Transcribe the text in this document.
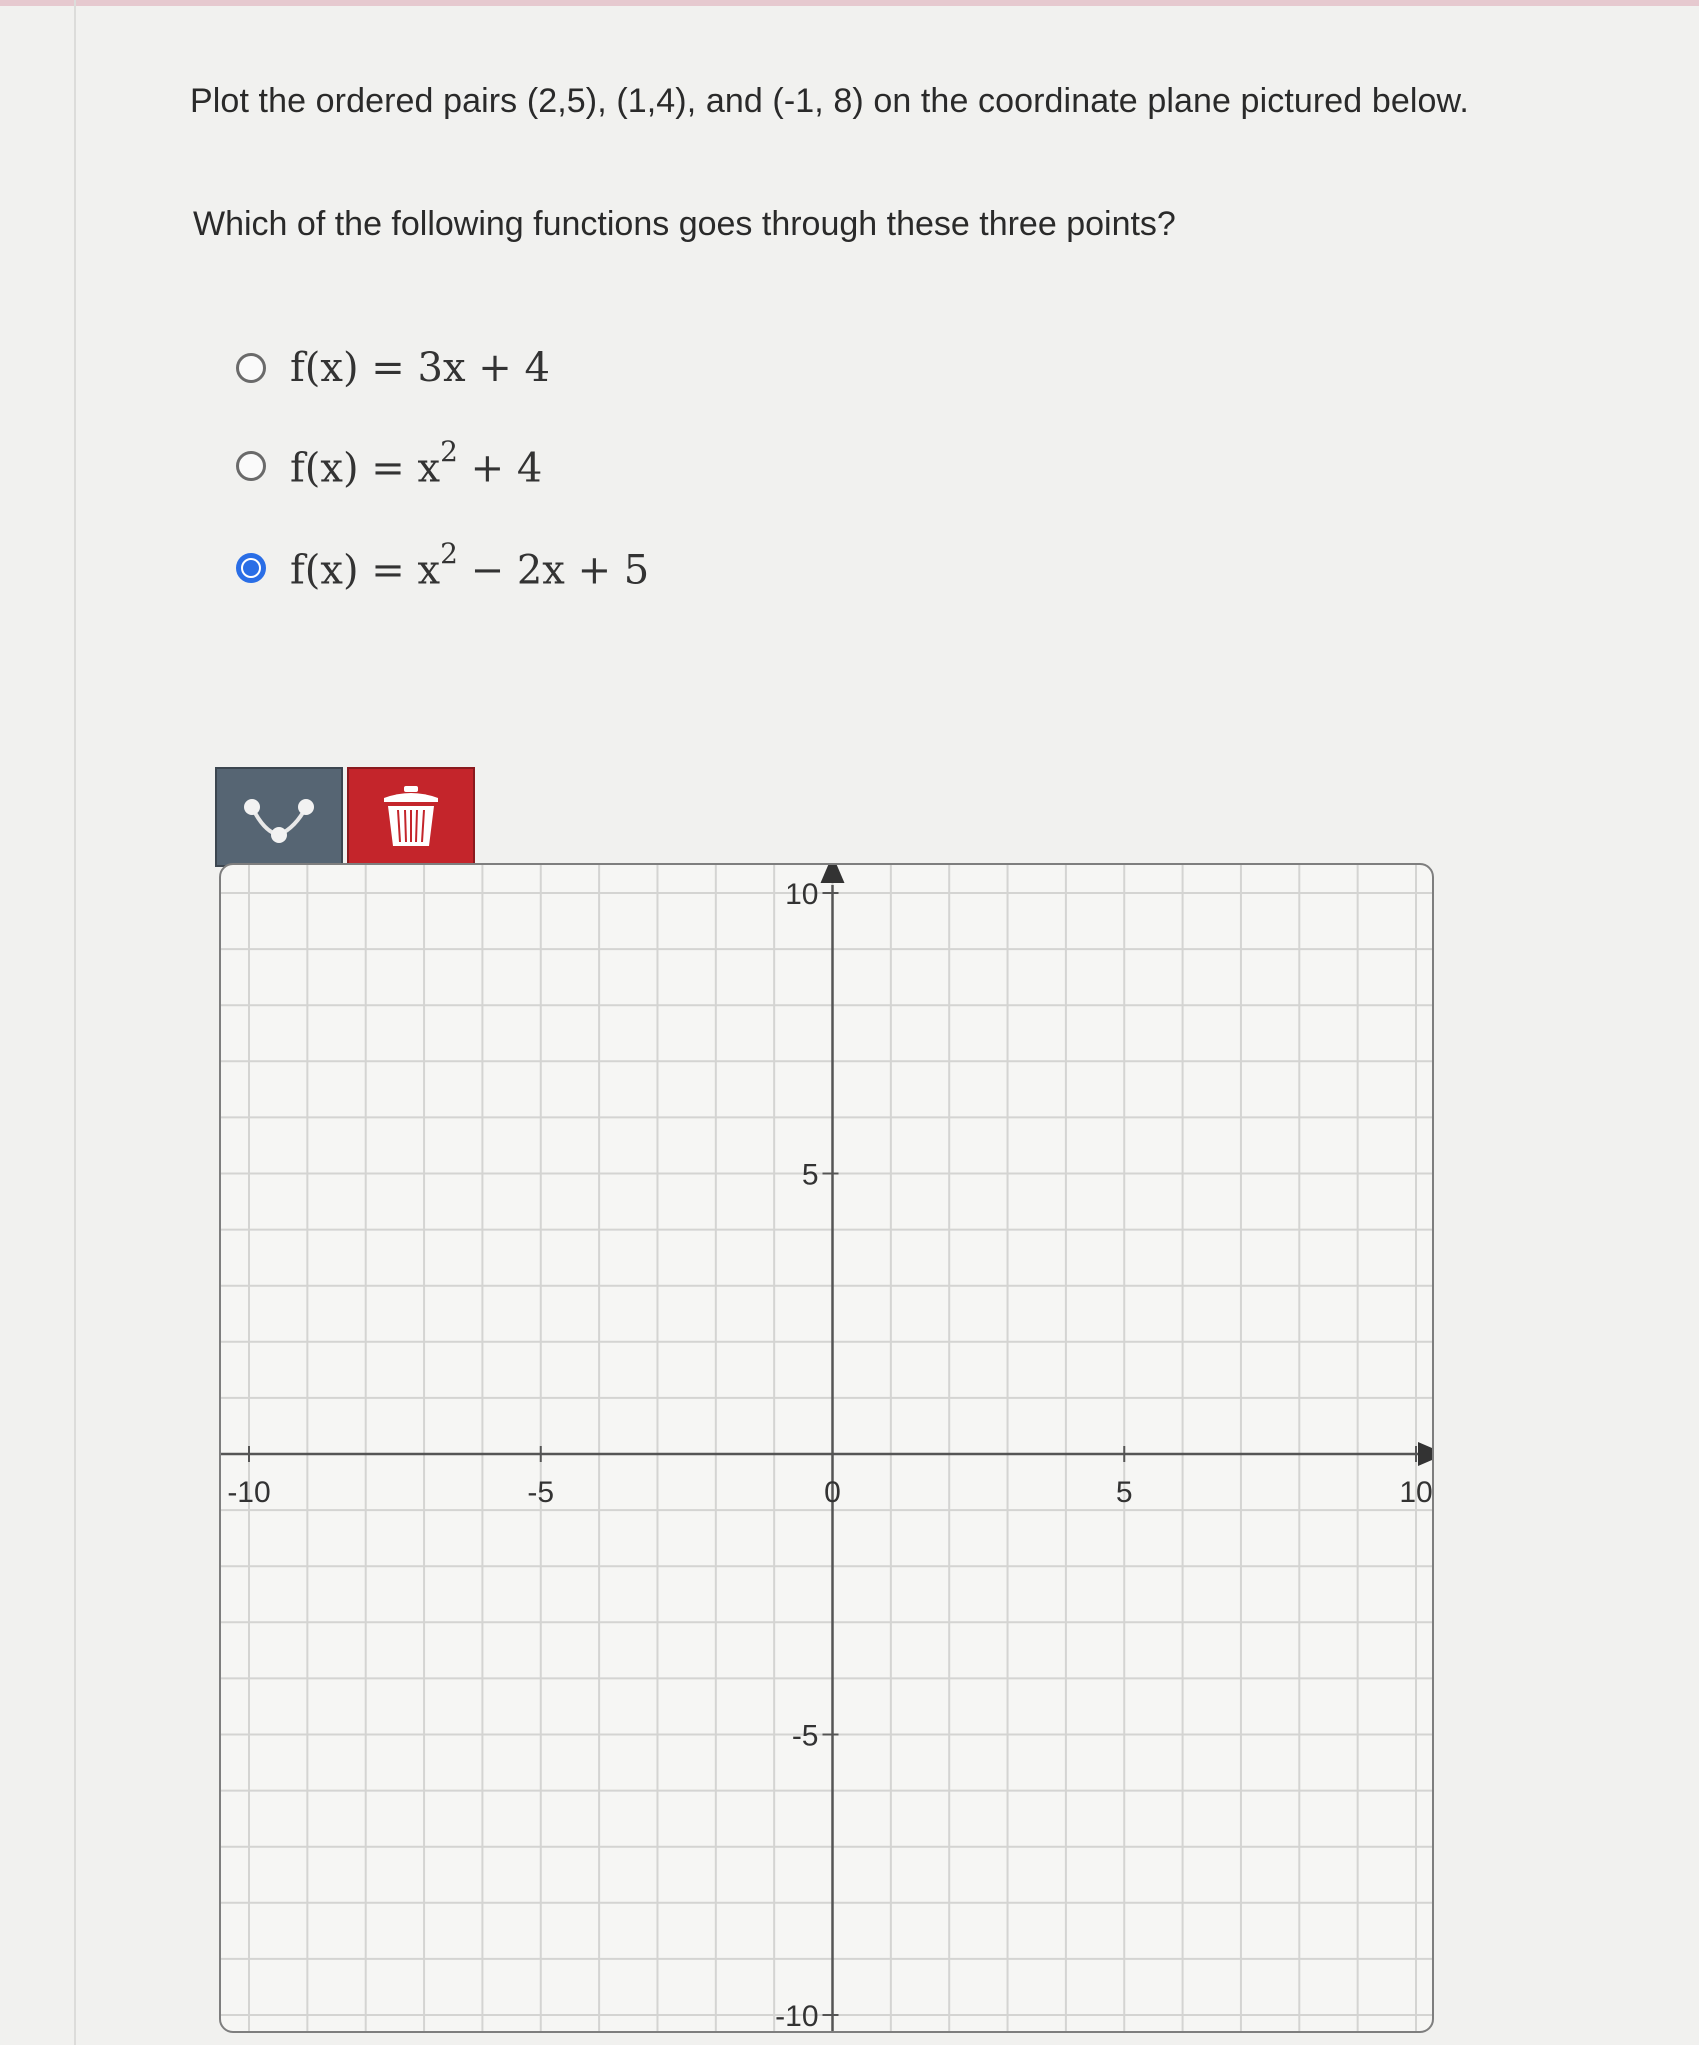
Plot the ordered pairs (2,5), (1,4), and (-1, 8) on the coordinate plane pictured below.
Which of the following functions goes through these three points?
f(x) = 3x + 4
$f(x) = x^2 + 4$
$f(x) = x^2 - 2x + 5$
-10	-5	0	5	10
10
5
-5
-10
